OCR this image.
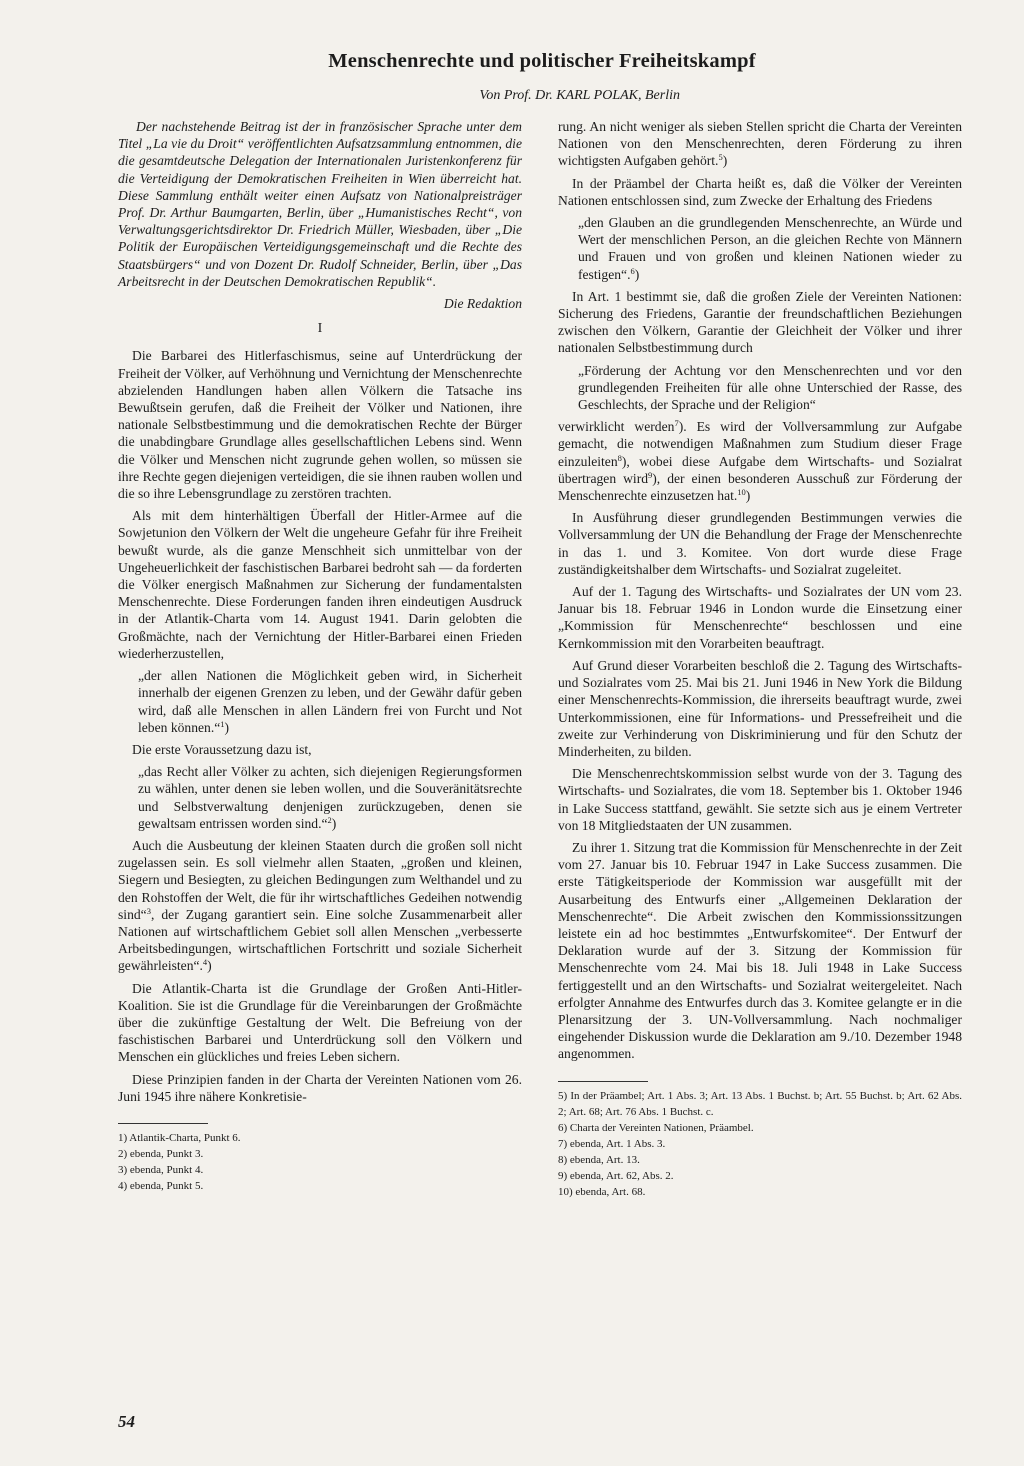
Menschenrechte und politischer Freiheitskampf
Von Prof. Dr. KARL POLAK, Berlin

Der nachstehende Beitrag ist der in französischer Sprache unter dem Titel „La vie du Droit“ veröffentlichten Aufsatzsammlung entnommen, die die gesamtdeutsche Delegation der Internationalen Juristenkonferenz für die Verteidigung der Demokratischen Freiheiten in Wien überreicht hat. Diese Sammlung enthält weiter einen Aufsatz von Nationalpreisträger Prof. Dr. Arthur Baumgarten, Berlin, über „Humanistisches Recht“, von Verwaltungsgerichtsdirektor Dr. Friedrich Müller, Wiesbaden, über „Die Politik der Europäischen Verteidigungsgemeinschaft und die Rechte des Staatsbürgers“ und von Dozent Dr. Rudolf Schneider, Berlin, über „Das Arbeitsrecht in der Deutschen Demokratischen Republik“.

Die Redaktion

I

Die Barbarei des Hitlerfaschismus, seine auf Unterdrückung der Freiheit der Völker, auf Verhöhnung und Vernichtung der Menschenrechte abzielenden Handlungen haben allen Völkern die Tatsache ins Bewußtsein gerufen, daß die Freiheit der Völker und Nationen, ihre nationale Selbstbestimmung und die demokratischen Rechte der Bürger die unabdingbare Grundlage alles gesellschaftlichen Lebens sind. Wenn die Völker und Menschen nicht zugrunde gehen wollen, so müssen sie ihre Rechte gegen diejenigen verteidigen, die sie ihnen rauben wollen und die so ihre Lebensgrundlage zu zerstören trachten.

Als mit dem hinterhältigen Überfall der Hitler-Armee auf die Sowjetunion den Völkern der Welt die ungeheure Gefahr für ihre Freiheit bewußt wurde, als die ganze Menschheit sich unmittelbar von der Ungeheuerlichkeit der faschistischen Barbarei bedroht sah — da forderten die Völker energisch Maßnahmen zur Sicherung der fundamentalsten Menschenrechte. Diese Forderungen fanden ihren eindeutigen Ausdruck in der Atlantik-Charta vom 14. August 1941. Darin gelobten die Großmächte, nach der Vernichtung der Hitler-Barbarei einen Frieden wiederherzustellen,

„der allen Nationen die Möglichkeit geben wird, in Sicherheit innerhalb der eigenen Grenzen zu leben, und der Gewähr dafür geben wird, daß alle Menschen in allen Ländern frei von Furcht und Not leben können.“$^1$)

Die erste Voraussetzung dazu ist,

„das Recht aller Völker zu achten, sich diejenigen Regierungsformen zu wählen, unter denen sie leben wollen, und die Souveränitätsrechte und Selbstverwaltung denjenigen zurückzugeben, denen sie gewaltsam entrissen worden sind.“$^2$)

Auch die Ausbeutung der kleinen Staaten durch die großen soll nicht zugelassen sein. Es soll vielmehr allen Staaten, „großen und kleinen, Siegern und Besiegten, zu gleichen Bedingungen zum Welthandel und zu den Rohstoffen der Welt, die für ihr wirtschaftliches Gedeihen notwendig sind“$^3$, der Zugang garantiert sein. Eine solche Zusammenarbeit aller Nationen auf wirtschaftlichem Gebiet soll allen Menschen „verbesserte Arbeitsbedingungen, wirtschaftlichen Fortschritt und soziale Sicherheit gewährleisten“.$^4$)

Die Atlantik-Charta ist die Grundlage der Großen Anti-Hitler-Koalition. Sie ist die Grundlage für die Vereinbarungen der Großmächte über die zukünftige Gestaltung der Welt. Die Befreiung von der faschistischen Barbarei und Unterdrückung soll den Völkern und Menschen ein glückliches und freies Leben sichern.

Diese Prinzipien fanden in der Charta der Vereinten Nationen vom 26. Juni 1945 ihre nähere Konkretisie-

1) Atlantik-Charta, Punkt 6.

2) ebenda, Punkt 3.

3) ebenda, Punkt 4.

4) ebenda, Punkt 5.

rung. An nicht weniger als sieben Stellen spricht die Charta der Vereinten Nationen von den Menschenrechten, deren Förderung zu ihren wichtigsten Aufgaben gehört.$^5$)

In der Präambel der Charta heißt es, daß die Völker der Vereinten Nationen entschlossen sind, zum Zwecke der Erhaltung des Friedens

„den Glauben an die grundlegenden Menschenrechte, an Würde und Wert der menschlichen Person, an die gleichen Rechte von Männern und Frauen und von großen und kleinen Nationen wieder zu festigen“.$^6$)

In Art. 1 bestimmt sie, daß die großen Ziele der Vereinten Nationen: Sicherung des Friedens, Garantie der freundschaftlichen Beziehungen zwischen den Völkern, Garantie der Gleichheit der Völker und ihrer nationalen Selbstbestimmung durch

„Förderung der Achtung vor den Menschenrechten und vor den grundlegenden Freiheiten für alle ohne Unterschied der Rasse, des Geschlechts, der Sprache und der Religion“

verwirklicht werden$^7$). Es wird der Vollversammlung zur Aufgabe gemacht, die notwendigen Maßnahmen zum Studium dieser Frage einzuleiten$^8$), wobei diese Aufgabe dem Wirtschafts- und Sozialrat übertragen wird$^9$), der einen besonderen Ausschuß zur Förderung der Menschenrechte einzusetzen hat.$^{10}$)

In Ausführung dieser grundlegenden Bestimmungen verwies die Vollversammlung der UN die Behandlung der Frage der Menschenrechte in das 1. und 3. Komitee. Von dort wurde diese Frage zuständigkeitshalber dem Wirtschafts- und Sozialrat zugeleitet.

Auf der 1. Tagung des Wirtschafts- und Sozialrates der UN vom 23. Januar bis 18. Februar 1946 in London wurde die Einsetzung einer „Kommission für Menschenrechte“ beschlossen und eine Kernkommission mit den Vorarbeiten beauftragt.

Auf Grund dieser Vorarbeiten beschloß die 2. Tagung des Wirtschafts- und Sozialrates vom 25. Mai bis 21. Juni 1946 in New York die Bildung einer Menschenrechts-Kommission, die ihrerseits beauftragt wurde, zwei Unterkommissionen, eine für Informations- und Pressefreiheit und die zweite zur Verhinderung von Diskriminierung und für den Schutz der Minderheiten, zu bilden.

Die Menschenrechtskommission selbst wurde von der 3. Tagung des Wirtschafts- und Sozialrates, die vom 18. September bis 1. Oktober 1946 in Lake Success stattfand, gewählt. Sie setzte sich aus je einem Vertreter von 18 Mitgliedstaaten der UN zusammen.

Zu ihrer 1. Sitzung trat die Kommission für Menschenrechte in der Zeit vom 27. Januar bis 10. Februar 1947 in Lake Success zusammen. Die erste Tätigkeitsperiode der Kommission war ausgefüllt mit der Ausarbeitung des Entwurfs einer „Allgemeinen Deklaration der Menschenrechte“. Die Arbeit zwischen den Kommissionssitzungen leistete ein ad hoc bestimmtes „Entwurfskomitee“. Der Entwurf der Deklaration wurde auf der 3. Sitzung der Kommission für Menschenrechte vom 24. Mai bis 18. Juli 1948 in Lake Success fertiggestellt und an den Wirtschafts- und Sozialrat weitergeleitet. Nach erfolgter Annahme des Entwurfes durch das 3. Komitee gelangte er in die Plenarsitzung der 3. UN-Vollversammlung. Nach nochmaliger eingehender Diskussion wurde die Deklaration am 9./10. Dezember 1948 angenommen.

5) In der Präambel; Art. 1 Abs. 3; Art. 13 Abs. 1 Buchst. b; Art. 55 Buchst. b; Art. 62 Abs. 2; Art. 68; Art. 76 Abs. 1 Buchst. c.

6) Charta der Vereinten Nationen, Präambel.

7) ebenda, Art. 1 Abs. 3.

8) ebenda, Art. 13.

9) ebenda, Art. 62, Abs. 2.

10) ebenda, Art. 68.

54
